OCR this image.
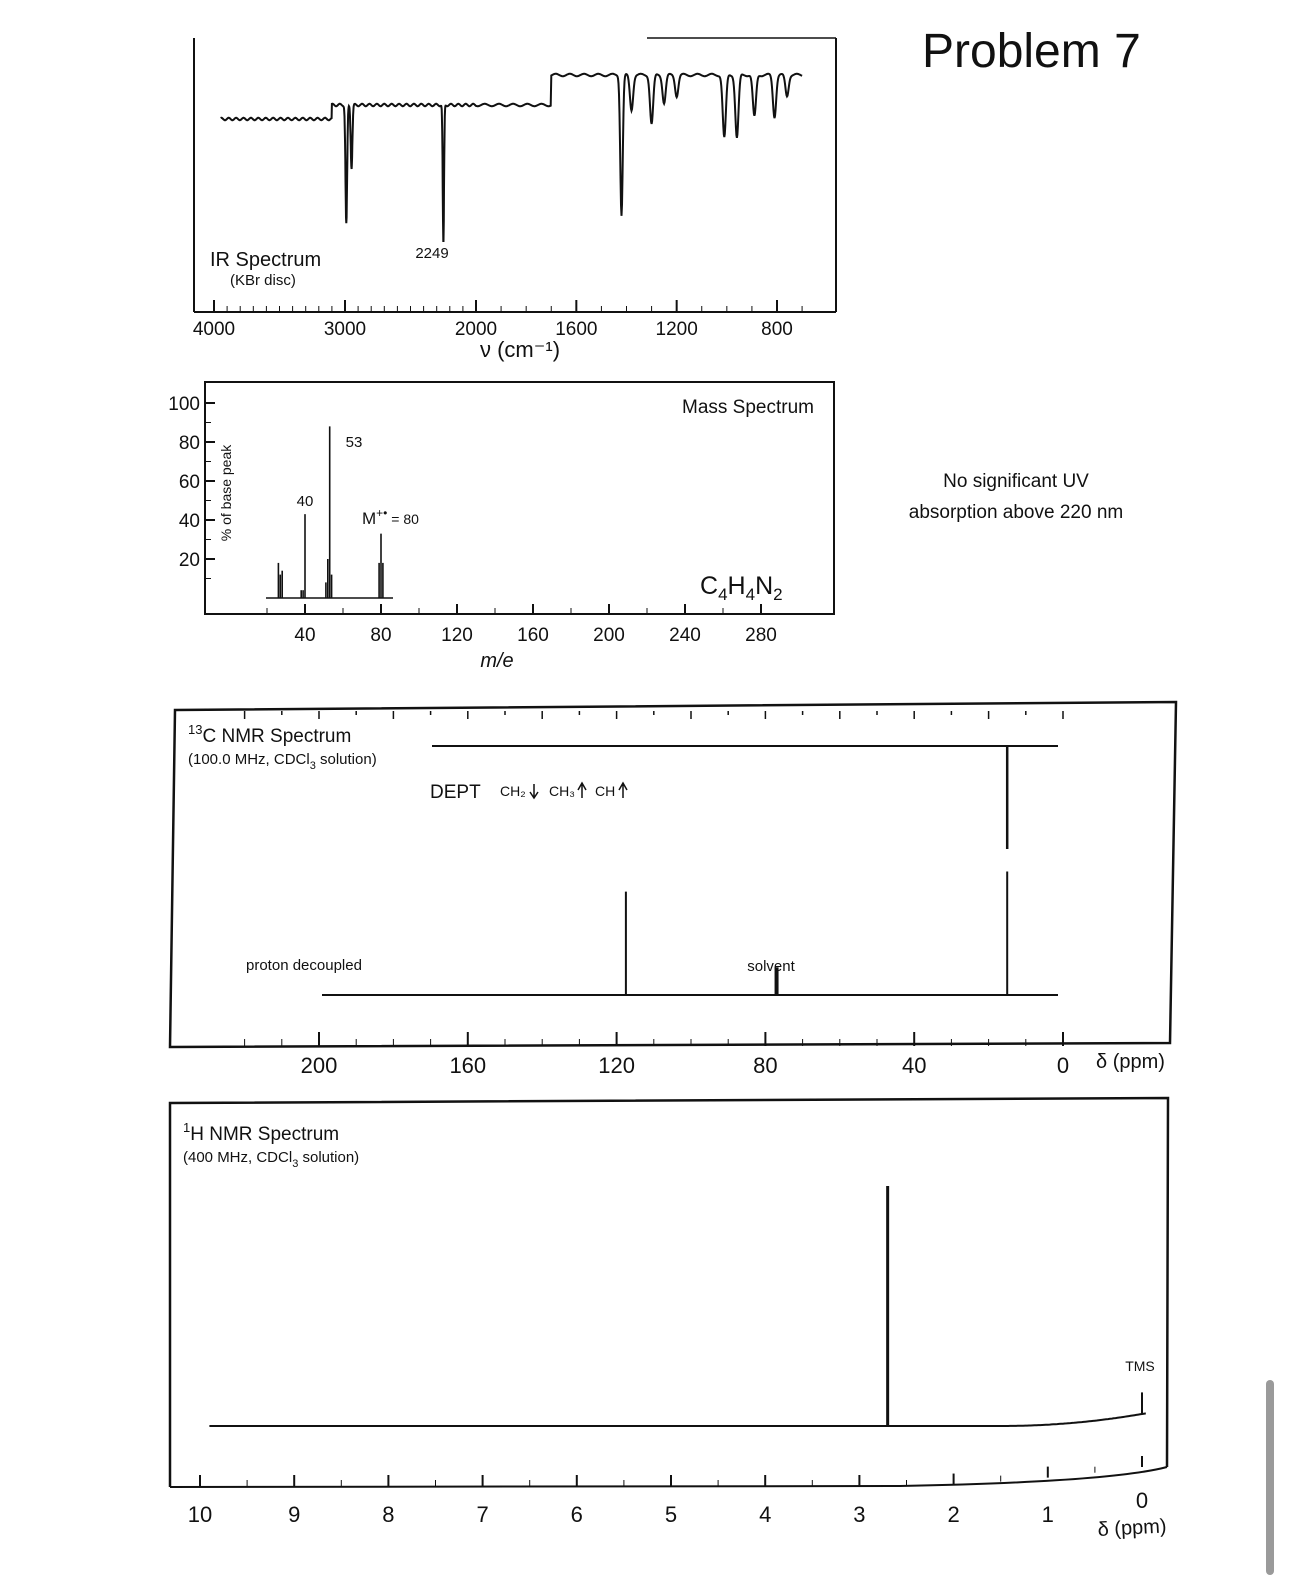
4000	3000	2000	1600	1200	800
IR Spectrum
(KBr disc)
2249
ν (cm⁻¹)
100
80
60
40
20
40	80	120 160 200 240 280
Mass Spectrum
% of base peak
53
40
M+• $_{= 80}$
$C_4H_4N_2$
m/e
200	160	120	80	40	0
$^{13}$C NMR Spectrum
(100.0 MHz, CDCl$_3$ solution)
DEPT CH₂ CH₃ CH
proton decoupled	solvent
δ (ppm)
10	9	8	7	6	5	4	3	2	1
0
$^1$H NMR Spectrum
(400 MHz, CDCl$_3$ solution)
TMS
δ (ppm)
Problem 7
No significant UV
absorption above 220 nm
